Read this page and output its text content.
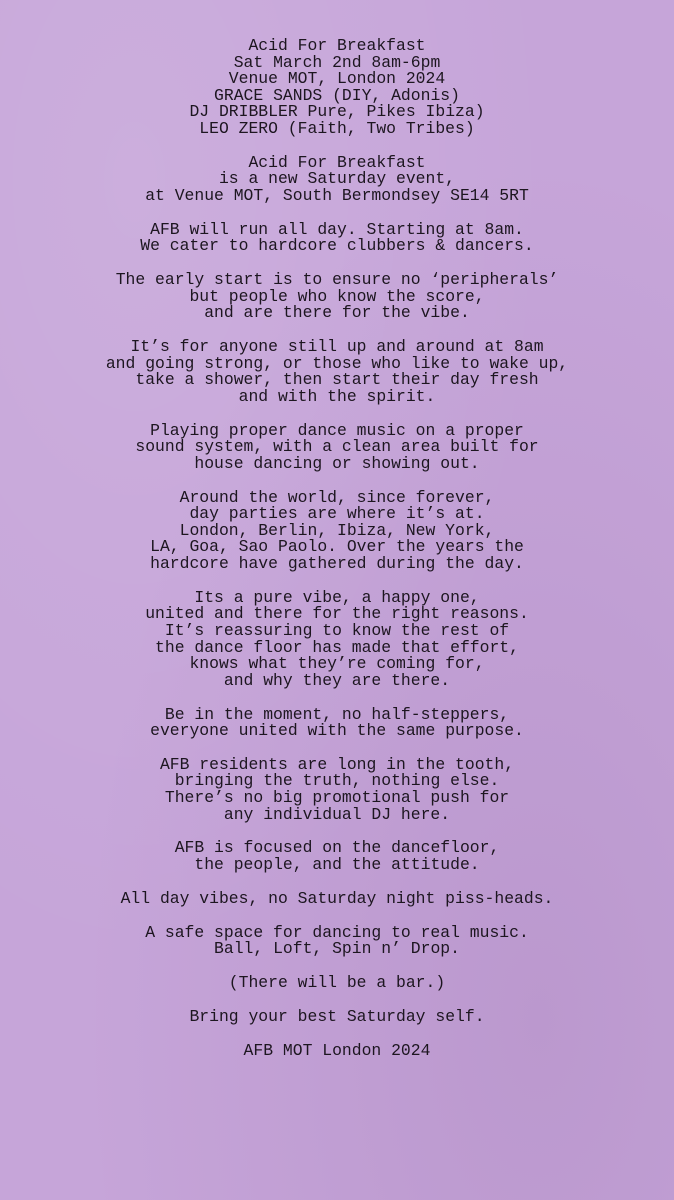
Acid For Breakfast
Sat March 2nd 8am-6pm
Venue MOT, London 2024
GRACE SANDS (DIY, Adonis)
DJ DRIBBLER Pure, Pikes Ibiza)
LEO ZERO (Faith, Two Tribes)

Acid For Breakfast
is a new Saturday event,
at Venue MOT, South Bermondsey SE14 5RT

AFB will run all day. Starting at 8am.
We cater to hardcore clubbers & dancers.

The early start is to ensure no ‘peripherals’
but people who know the score,
and are there for the vibe.

It’s for anyone still up and around at 8am
and going strong, or those who like to wake up,
take a shower, then start their day fresh
and with the spirit.

Playing proper dance music on a proper
sound system, with a clean area built for
house dancing or showing out.

Around the world, since forever,
day parties are where it’s at.
London, Berlin, Ibiza, New York,
LA, Goa, Sao Paolo. Over the years the
hardcore have gathered during the day.

Its a pure vibe, a happy one,
united and there for the right reasons.
It’s reassuring to know the rest of
the dance floor has made that effort,
knows what they’re coming for,
and why they are there.

Be in the moment, no half-steppers,
everyone united with the same purpose.

AFB residents are long in the tooth,
bringing the truth, nothing else.
There’s no big promotional push for
any individual DJ here.

AFB is focused on the dancefloor,
the people, and the attitude.

All day vibes, no Saturday night piss-heads.

A safe space for dancing to real music.
Ball, Loft, Spin n’ Drop.

(There will be a bar.)

Bring your best Saturday self.

AFB MOT London 2024
